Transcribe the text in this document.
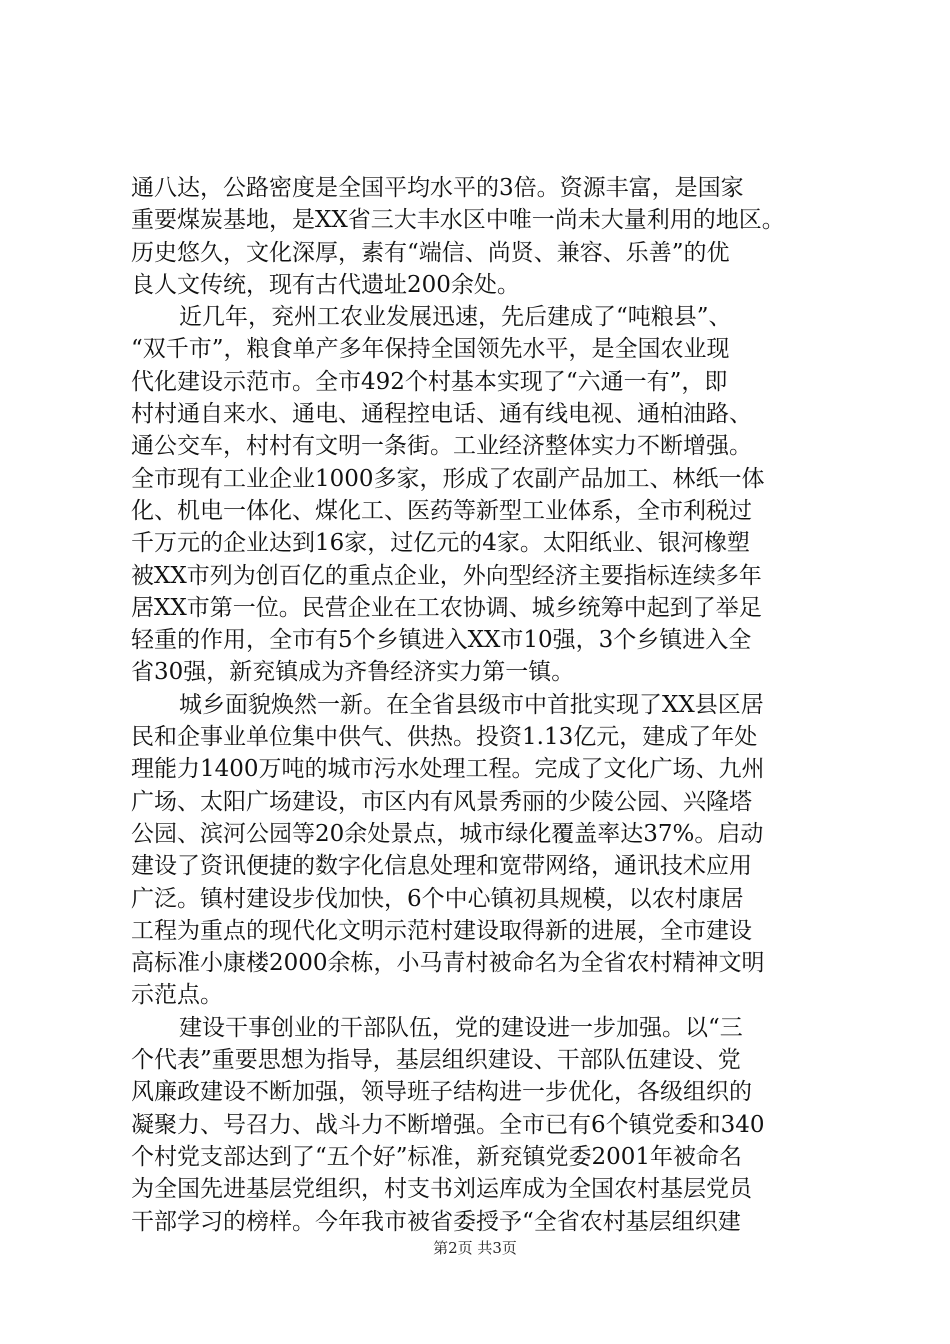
通八达，公路密度是全国平均水平的3倍。资源丰富，是国家
重要煤炭基地，是XX省三大丰水区中唯一尚未大量利用的地区。
历史悠久，文化深厚，素有“端信、尚贤、兼容、乐善”的优
良人文传统，现有古代遗址200余处。
近几年，兖州工农业发展迅速，先后建成了“吨粮县”、
“双千市”，粮食单产多年保持全国领先水平，是全国农业现
代化建设示范市。全市492个村基本实现了“六通一有”，即
村村通自来水、通电、通程控电话、通有线电视、通柏油路、
通公交车，村村有文明一条街。工业经济整体实力不断增强。
全市现有工业企业1000多家，形成了农副产品加工、林纸一体
化、机电一体化、煤化工、医药等新型工业体系，全市利税过
千万元的企业达到16家，过亿元的4家。太阳纸业、银河橡塑
被XX市列为创百亿的重点企业，外向型经济主要指标连续多年
居XX市第一位。民营企业在工农协调、城乡统筹中起到了举足
轻重的作用，全市有5个乡镇进入XX市10强，3个乡镇进入全
省30强，新兖镇成为齐鲁经济实力第一镇。
城乡面貌焕然一新。在全省县级市中首批实现了XX县区居
民和企事业单位集中供气、供热。投资1.13亿元，建成了年处
理能力1400万吨的城市污水处理工程。完成了文化广场、九州
广场、太阳广场建设，市区内有风景秀丽的少陵公园、兴隆塔
公园、滨河公园等20余处景点，城市绿化覆盖率达37%。启动
建设了资讯便捷的数字化信息处理和宽带网络，通讯技术应用
广泛。镇村建设步伐加快，6个中心镇初具规模，以农村康居
工程为重点的现代化文明示范村建设取得新的进展，全市建设
高标准小康楼2000余栋，小马青村被命名为全省农村精神文明
示范点。
建设干事创业的干部队伍，党的建设进一步加强。以“三
个代表”重要思想为指导，基层组织建设、干部队伍建设、党
风廉政建设不断加强，领导班子结构进一步优化，各级组织的
凝聚力、号召力、战斗力不断增强。全市已有6个镇党委和340
个村党支部达到了“五个好”标准，新兖镇党委2001年被命名
为全国先进基层党组织，村支书刘运库成为全国农村基层党员
干部学习的榜样。今年我市被省委授予“全省农村基层组织建
第2页 共3页
